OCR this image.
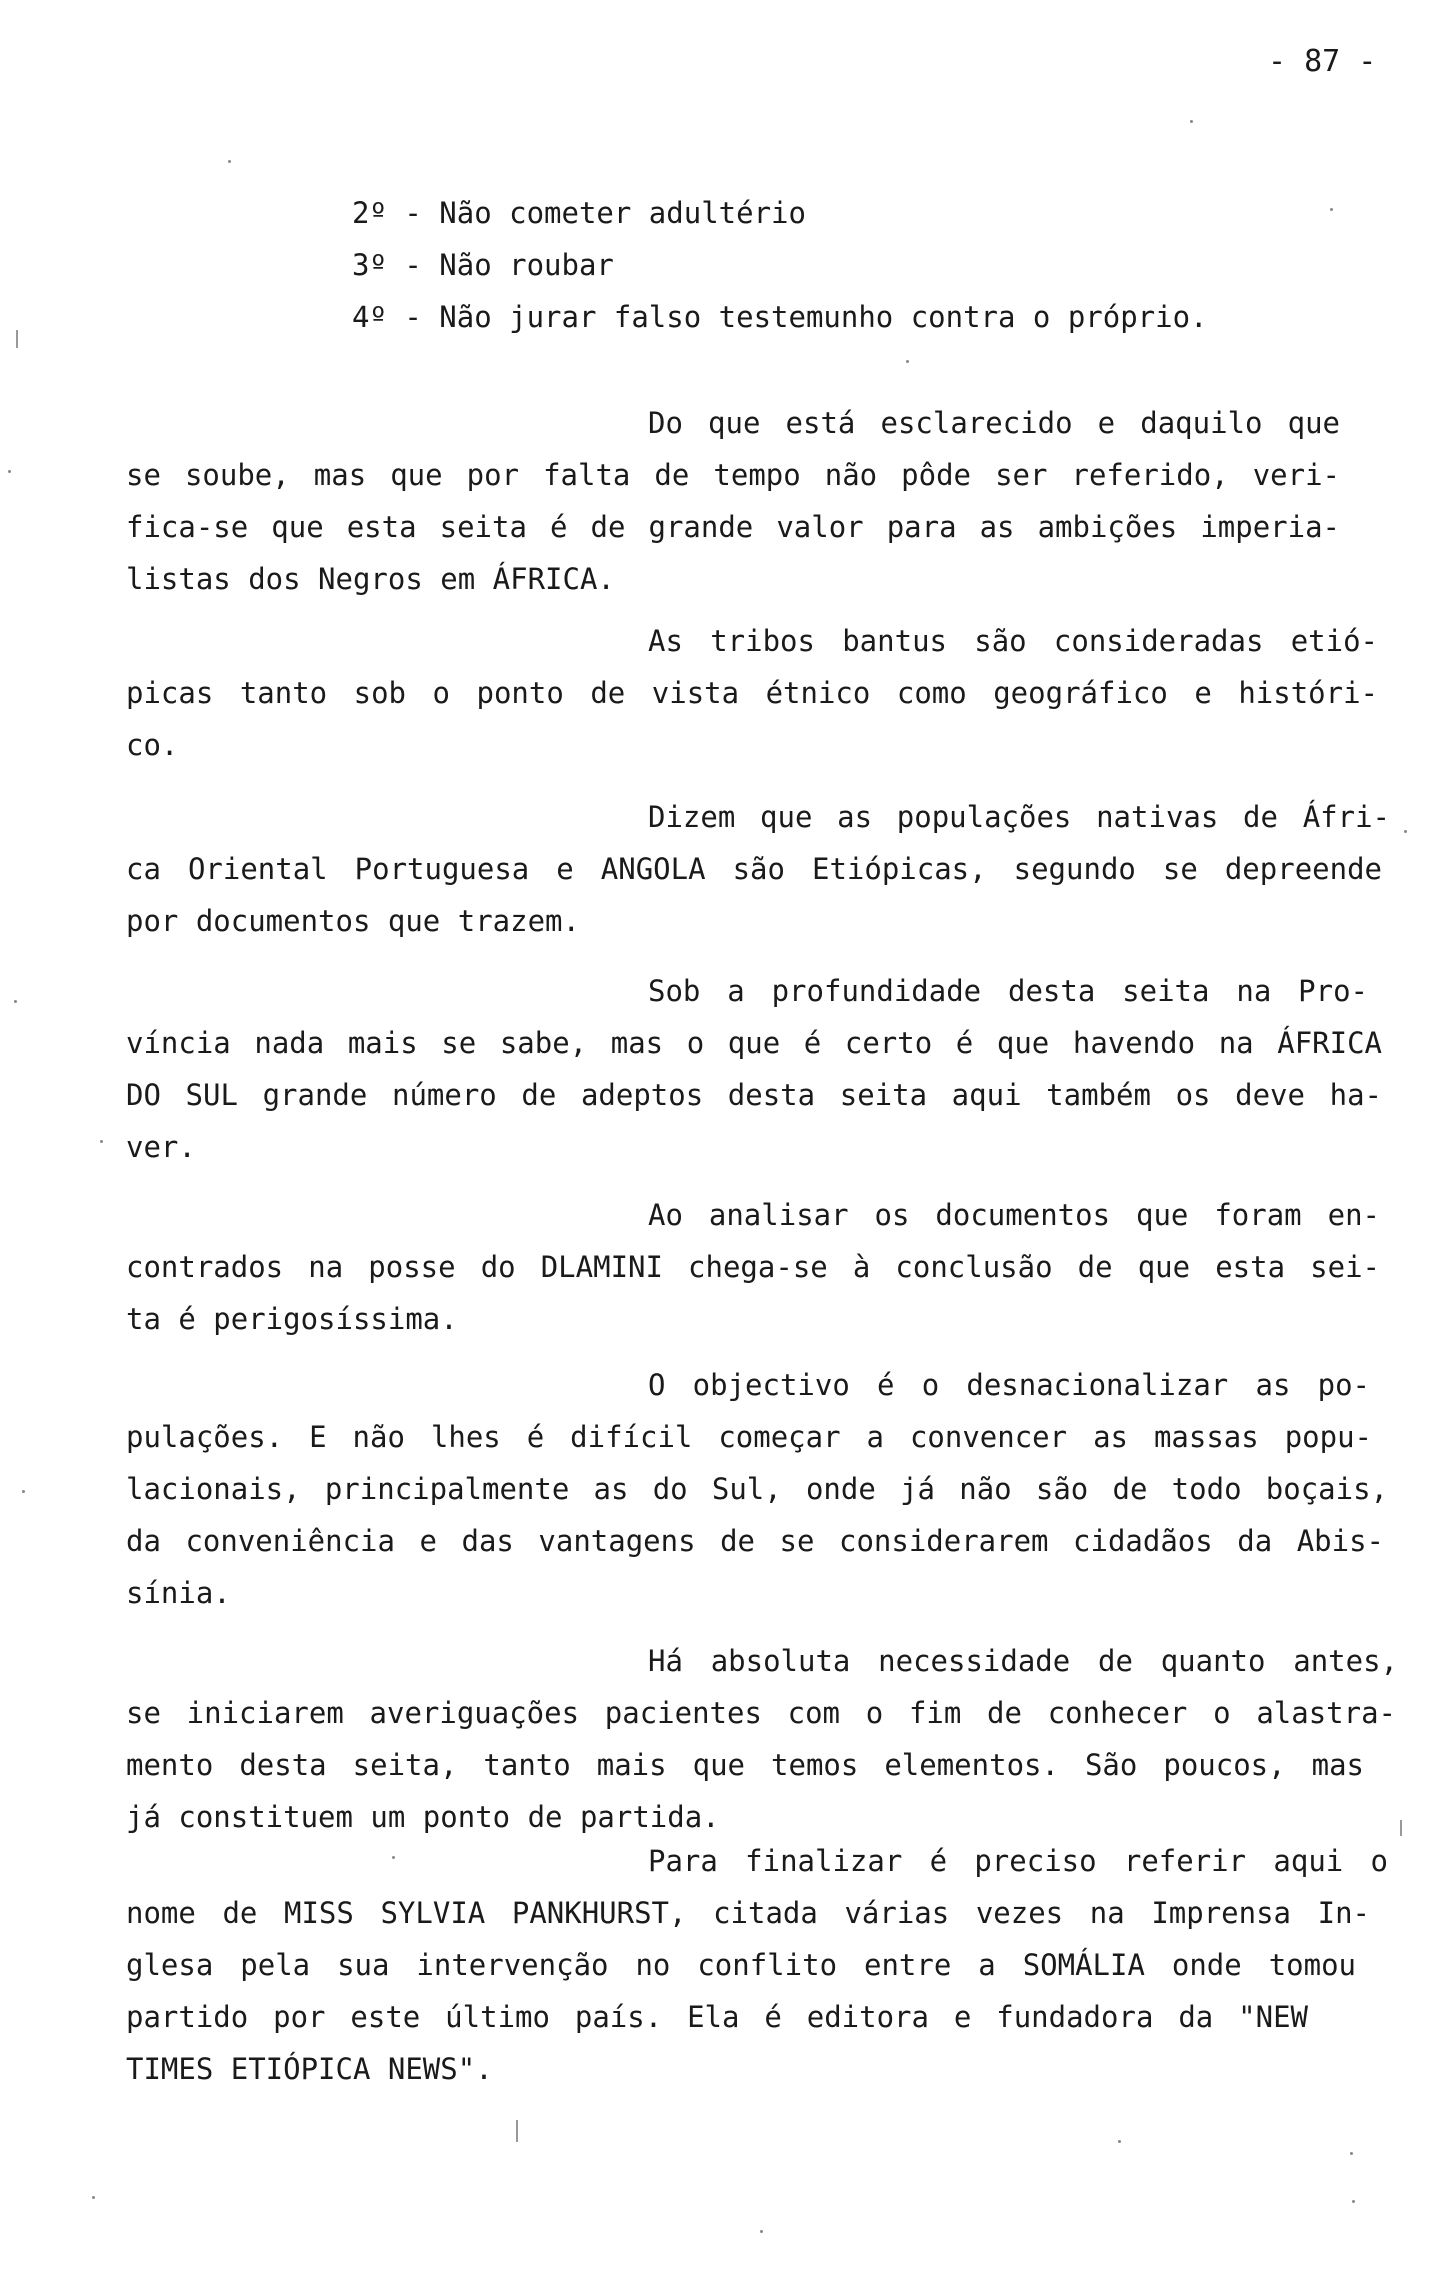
- 87 -

2º - Não cometer adultério

3º - Não roubar

4º - Não jurar falso testemunho contra o próprio.

Do que está esclarecido e daquilo que

se soube, mas que por falta de tempo não pôde ser referido, veri-

fica-se que esta seita é de grande valor para as ambições imperia-

listas dos Negros em ÁFRICA.

As tribos bantus são consideradas etió-

picas tanto sob o ponto de vista étnico como geográfico e históri-

co.

Dizem que as populações nativas de Áfri-

ca Oriental Portuguesa e ANGOLA são Etiópicas, segundo se depreende

por documentos que trazem.

Sob a profundidade desta seita na Pro-

víncia nada mais se sabe, mas o que é certo é que havendo na ÁFRICA

DO SUL grande número de adeptos desta seita aqui também os deve ha-

ver.

Ao analisar os documentos que foram en-

contrados na posse do DLAMINI chega-se à conclusão de que esta sei-

ta é perigosíssima.

O objectivo é o desnacionalizar as po-

pulações. E não lhes é difícil começar a convencer as massas popu-

lacionais, principalmente as do Sul, onde já não são de todo boçais,

da conveniência e das vantagens de se considerarem cidadãos da Abis-

sínia.

Há absoluta necessidade de quanto antes,

se iniciarem averiguações pacientes com o fim de conhecer o alastra-

mento desta seita, tanto mais que temos elementos. São poucos, mas

já constituem um ponto de partida.

Para finalizar é preciso referir aqui o

nome de MISS SYLVIA PANKHURST, citada várias vezes na Imprensa In-

glesa pela sua intervenção no conflito entre a SOMÁLIA onde tomou

partido por este último país. Ela é editora e fundadora da "NEW

TIMES ETIÓPICA NEWS".
